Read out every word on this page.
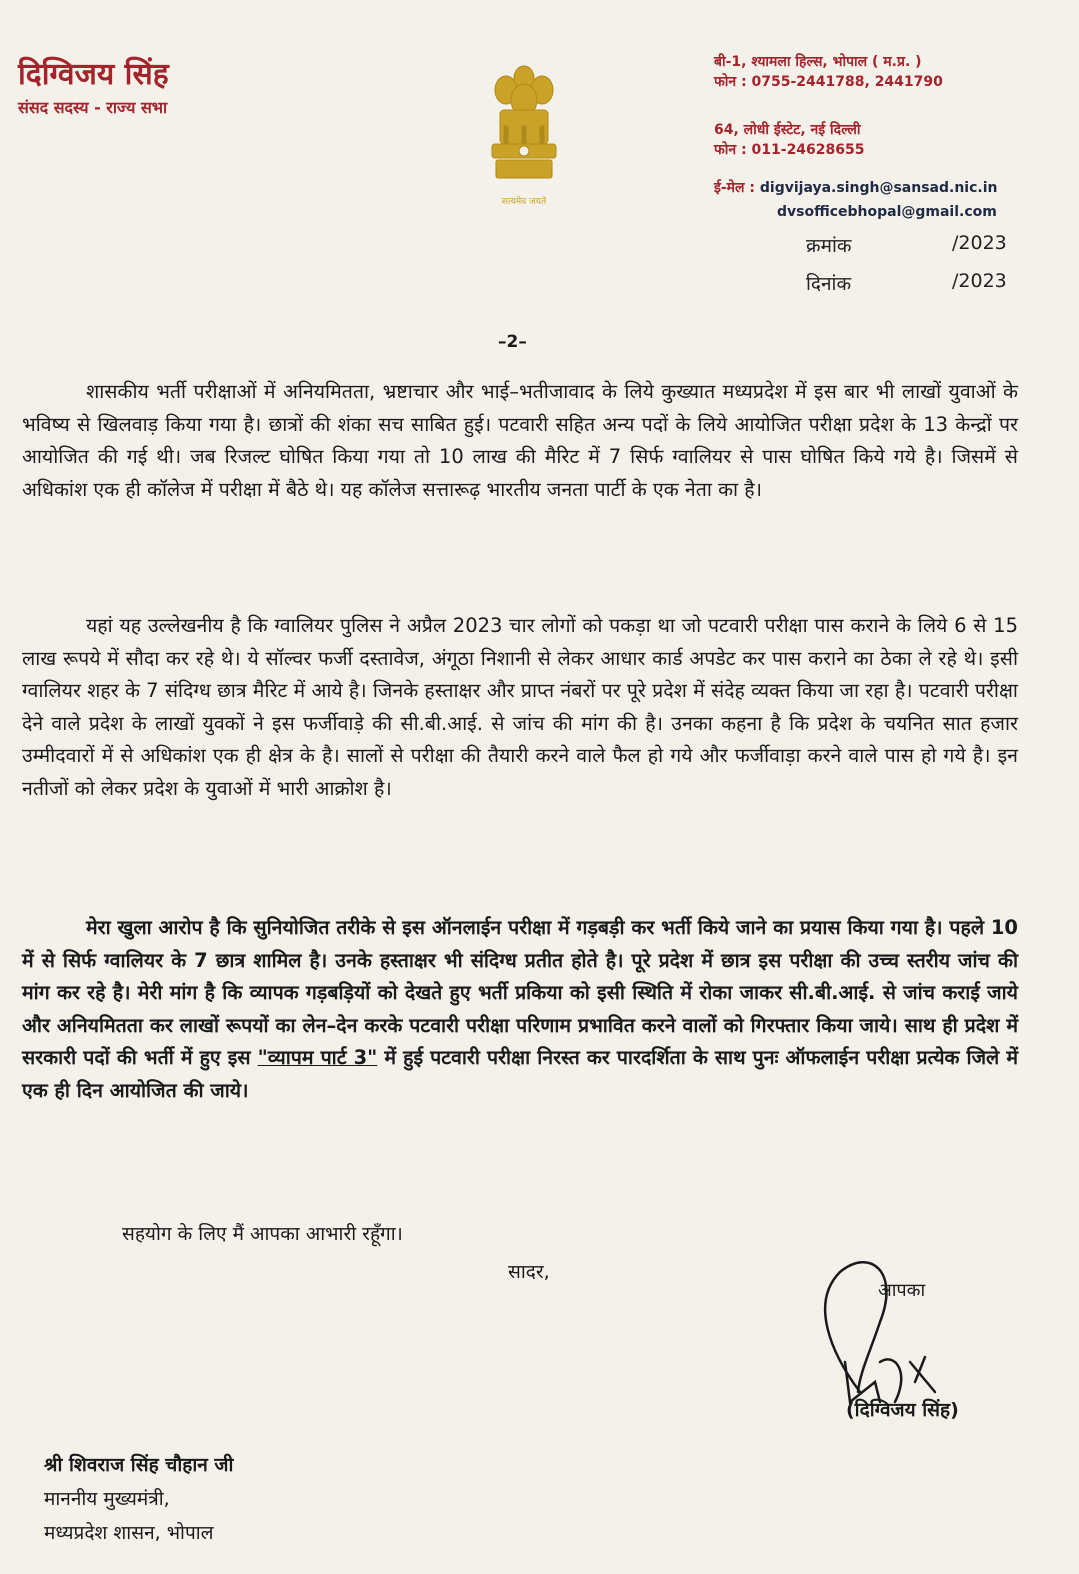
दिग्विजय सिंह
संसद सदस्य - राज्य सभा
सत्यमेव जयते
बी-1, श्यामला हिल्स, भोपाल ( म.प्र. )
फोन : 0755-2441788, 2441790
64, लोधी ईस्टेट, नई दिल्ली
फोन : 011-24628655
ई-मेल : digvijaya.singh@sansad.nic.in
dvsofficebhopal@gmail.com
क्रमांक	/2023
दिनांक	/2023
–2–

शासकीय भर्ती परीक्षाओं में अनियमितता, भ्रष्टाचार और भाई–भतीजावाद के लिये कुख्यात मध्यप्रदेश में इस बार भी लाखों युवाओं के भविष्य से खिलवाड़ किया गया है। छात्रों की शंका सच साबित हुई। पटवारी सहित अन्य पदों के लिये आयोजित परीक्षा प्रदेश के 13 केन्द्रों पर आयोजित की गई थी। जब रिजल्ट घोषित किया गया तो 10 लाख की मैरिट में 7 सिर्फ ग्वालियर से पास घोषित किये गये है। जिसमें से अधिकांश एक ही कॉलेज में परीक्षा में बैठे थे। यह कॉलेज सत्तारूढ़ भारतीय जनता पार्टी के एक नेता का है।

यहां यह उल्लेखनीय है कि ग्वालियर पुलिस ने अप्रैल 2023 चार लोगों को पकड़ा था जो पटवारी परीक्षा पास कराने के लिये 6 से 15 लाख रूपये में सौदा कर रहे थे। ये सॉल्वर फर्जी दस्तावेज, अंगूठा निशानी से लेकर आधार कार्ड अपडेट कर पास कराने का ठेका ले रहे थे। इसी ग्वालियर शहर के 7 संदिग्ध छात्र मैरिट में आये है। जिनके हस्ताक्षर और प्राप्त नंबरों पर पूरे प्रदेश में संदेह व्यक्त किया जा रहा है। पटवारी परीक्षा देने वाले प्रदेश के लाखों युवकों ने इस फर्जीवाड़े की सी.बी.आई. से जांच की मांग की है। उनका कहना है कि प्रदेश के चयनित सात हजार उम्मीदवारों में से अधिकांश एक ही क्षेत्र के है। सालों से परीक्षा की तैयारी करने वाले फैल हो गये और फर्जीवाड़ा करने वाले पास हो गये है। इन नतीजों को लेकर प्रदेश के युवाओं में भारी आक्रोश है।

मेरा खुला आरोप है कि सुनियोजित तरीके से इस ऑनलाईन परीक्षा में गड़बड़ी कर भर्ती किये जाने का प्रयास किया गया है। पहले 10 में से सिर्फ ग्वालियर के 7 छात्र शामिल है। उनके हस्ताक्षर भी संदिग्ध प्रतीत होते है। पूरे प्रदेश में छात्र इस परीक्षा की उच्च स्तरीय जांच की मांग कर रहे है। मेरी मांग है कि व्यापक गड़बड़ियों को देखते हुए भर्ती प्रकिया को इसी स्थिति में रोका जाकर सी.बी.आई. से जांच कराई जाये और अनियमितता कर लाखों रूपयों का लेन–देन करके पटवारी परीक्षा परिणाम प्रभावित करने वालों को गिरफ्तार किया जाये। साथ ही प्रदेश में सरकारी पदों की भर्ती में हुए इस "व्यापम पार्ट 3" में हुई पटवारी परीक्षा निरस्त कर पारदर्शिता के साथ पुनः ऑफलाईन परीक्षा प्रत्येक जिले में एक ही दिन आयोजित की जाये।

सहयोग के लिए मैं आपका आभारी रहूँगा।
सादर,
आपका
(दिग्विजय सिंह)
श्री शिवराज सिंह चौहान जी
माननीय मुख्यमंत्री,
मध्यप्रदेश शासन, भोपाल
